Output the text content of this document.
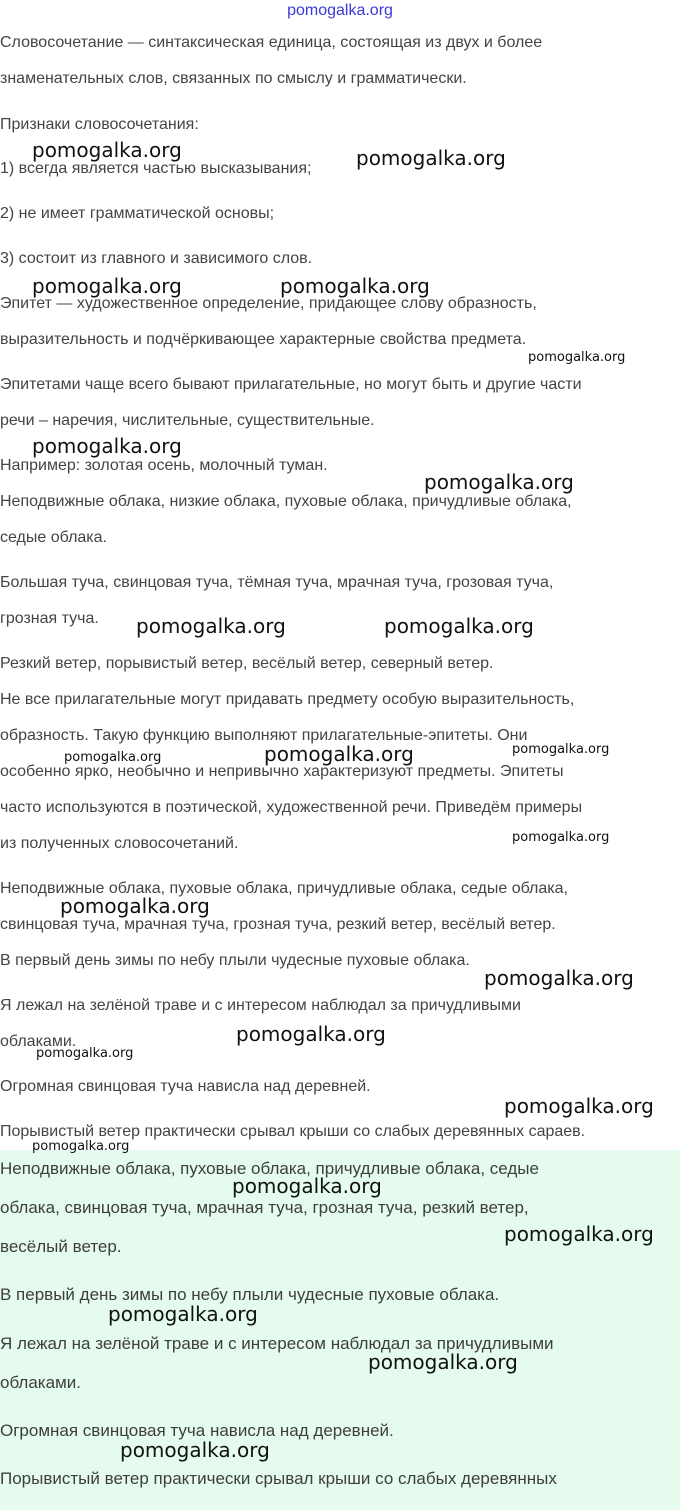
pomogalka.org
Словосочетание — синтаксическая единица, состоящая из двух и более
знаменательных слов, связанных по смыслу и грамматически.
Признаки словосочетания:
1) всегда является частью высказывания;
2) не имеет грамматической основы;
3) состоит из главного и зависимого слов.
Эпитет — художественное определение, придающее слову образность,
выразительность и подчёркивающее характерные свойства предмета.
Эпитетами чаще всего бывают прилагательные, но могут быть и другие части
речи – наречия, числительные, существительные.
Например: золотая осень, молочный туман.
Неподвижные облака, низкие облака, пуховые облака, причудливые облака,
седые облака.
Большая туча, свинцовая туча, тёмная туча, мрачная туча, грозовая туча,
грозная туча.
Резкий ветер, порывистый ветер, весёлый ветер, северный ветер.
Не все прилагательные могут придавать предмету особую выразительность,
образность. Такую функцию выполняют прилагательные-эпитеты. Они
особенно ярко, необычно и непривычно характеризуют предметы. Эпитеты
часто используются в поэтической, художественной речи. Приведём примеры
из полученных словосочетаний.
Неподвижные облака, пуховые облака, причудливые облака, седые облака,
свинцовая туча, мрачная туча, грозная туча, резкий ветер, весёлый ветер.
В первый день зимы по небу плыли чудесные пуховые облака.
Я лежал на зелёной траве и с интересом наблюдал за причудливыми
облаками.
Огромная свинцовая туча нависла над деревней.
Порывистый ветер практически срывал крыши со слабых деревянных сараев.
Неподвижные облака, пуховые облака, причудливые облака, седые
облака, свинцовая туча, мрачная туча, грозная туча, резкий ветер,
весёлый ветер.
В первый день зимы по небу плыли чудесные пуховые облака.
Я лежал на зелёной траве и с интересом наблюдал за причудливыми
облаками.
Огромная свинцовая туча нависла над деревней.
Порывистый ветер практически срывал крыши со слабых деревянных
pomogalka.org	pomogalka.org
pomogalka.org	pomogalka.org
pomogalka.org
pomogalka.org
pomogalka.org
pomogalka.org	pomogalka.org
pomogalka.org
pomogalka.org
pomogalka.org
pomogalka.org
pomogalka.org
pomogalka.org
pomogalka.org
pomogalka.org
pomogalka.org
pomogalka.org
pomogalka.org
pomogalka.org
pomogalka.org
pomogalka.org
pomogalka.org
